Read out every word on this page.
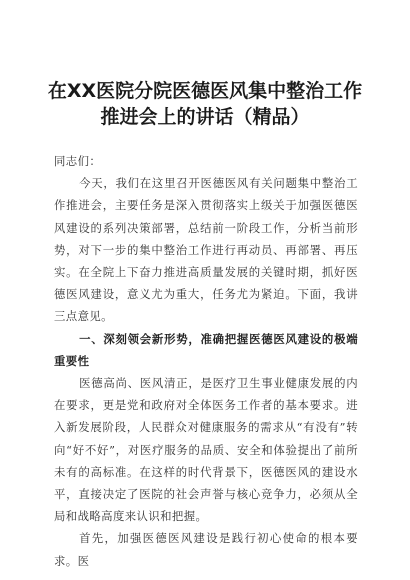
在XX医院分院医德医风集中整治工作
推进会上的讲话（精品）

同志们：

今天，我们在这里召开医德医风有关问题集中整治工作推进会，主要任务是深入贯彻落实上级关于加强医德医风建设的系列决策部署，总结前一阶段工作，分析当前形势，对下一步的集中整治工作进行再动员、再部署、再压实。在全院上下奋力推进高质量发展的关键时期，抓好医德医风建设，意义尤为重大，任务尤为紧迫。下面，我讲三点意见。

一、深刻领会新形势，准确把握医德医风建设的极端重要性

医德高尚、医风清正，是医疗卫生事业健康发展的内在要求，更是党和政府对全体医务工作者的基本要求。进入新发展阶段，人民群众对健康服务的需求从“有没有”转向“好不好”，对医疗服务的品质、安全和体验提出了前所未有的高标准。在这样的时代背景下，医德医风的建设水平，直接决定了医院的社会声誉与核心竞争力，必须从全局和战略高度来认识和把握。

首先，加强医德医风建设是践行初心使命的根本要求。医
